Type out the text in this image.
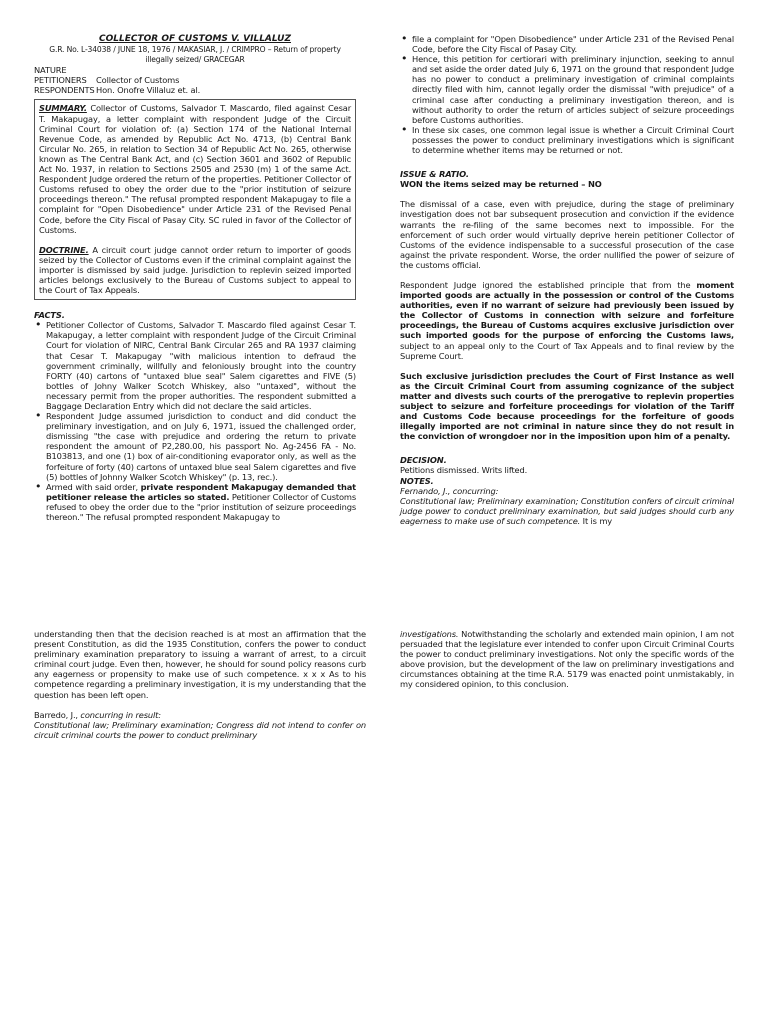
COLLECTOR OF CUSTOMS V. VILLALUZ
G.R. No. L-34038 / JUNE 18, 1976 / MAKASIAR, J. / CRIMPRO – Return of property
illegally seized/ GRACEGAR
NATURE
PETITIONERS	Collector of Customs
RESPONDENTS Hon. Onofre Villaluz et. al.

SUMMARY. Collector of Customs, Salvador T. Mascardo, filed against Cesar T. Makapugay, a letter complaint with respondent Judge of the Circuit Criminal Court for violation of: (a) Section 174 of the National Internal Revenue Code, as amended by Republic Act No. 4713, (b) Central Bank Circular No. 265, in relation to Section 34 of Republic Act No. 265, otherwise known as The Central Bank Act, and (c) Section 3601 and 3602 of Republic Act No. 1937, in relation to Sections 2505 and 2530 (m) 1 of the same Act. Respondent Judge ordered the return of the properties. Petitioner Collector of Customs refused to obey the order due to the "prior institution of seizure proceedings thereon." The refusal prompted respondent Makapugay to file a complaint for "Open Disobedience" under Article 231 of the Revised Penal Code, before the City Fiscal of Pasay City. SC ruled in favor of the Collector of Customs.

DOCTRINE. A circuit court judge cannot order return to importer of goods seized by the Collector of Customs even if the criminal complaint against the importer is dismissed by said judge. Jurisdiction to replevin seized imported articles belongs exclusively to the Bureau of Customs subject to appeal to the Court of Tax Appeals.

FACTS.
• Petitioner Collector of Customs, Salvador T. Mascardo filed against Cesar T. Makapugay, a letter complaint with respondent Judge of the Circuit Criminal Court for violation of NIRC, Central Bank Circular 265 and RA 1937 claiming that Cesar T. Makapugay "with malicious intention to defraud the government criminally, willfully and feloniously brought into the country FORTY (40) cartons of "untaxed blue seal" Salem cigarettes and FIVE (5) bottles of Johny Walker Scotch Whiskey, also "untaxed", without the necessary permit from the proper authorities. The respondent submitted a Baggage Declaration Entry which did not declare the said articles.
• Respondent Judge assumed jurisdiction to conduct and did conduct the preliminary investigation, and on July 6, 1971, issued the challenged order, dismissing "the case with prejudice and ordering the return to private respondent the amount of P2,280.00, his passport No. Ag-2456 FA - No. B103813, and one (1) box of air-conditioning evaporator only, as well as the forfeiture of forty (40) cartons of untaxed blue seal Salem cigarettes and five (5) bottles of Johnny Walker Scotch Whiskey" (p. 13, rec.).
• Armed with said order, private respondent Makapugay demanded that petitioner release the articles so stated. Petitioner Collector of Customs refused to obey the order due to the "prior institution of seizure proceedings thereon." The refusal prompted respondent Makapugay to
• file a complaint for "Open Disobedience" under Article 231 of the Revised Penal Code, before the City Fiscal of Pasay City.
• Hence, this petition for certiorari with preliminary injunction, seeking to annul and set aside the order dated July 6, 1971 on the ground that respondent Judge has no power to conduct a preliminary investigation of criminal complaints directly filed with him, cannot legally order the dismissal "with prejudice" of a criminal case after conducting a preliminary investigation thereon, and is without authority to order the return of articles subject of seizure proceedings before Customs authorities.
• In these six cases, one common legal issue is whether a Circuit Criminal Court possesses the power to conduct preliminary investigations which is significant to determine whether items may be returned or not.
ISSUE & RATIO.
WON the items seized may be returned – NO

The dismissal of a case, even with prejudice, during the stage of preliminary investigation does not bar subsequent prosecution and conviction if the evidence warrants the re-filing of the same becomes next to impossible. For the enforcement of such order would virtually deprive herein petitioner Collector of Customs of the evidence indispensable to a successful prosecution of the case against the private respondent. Worse, the order nullified the power of seizure of the customs official.

Respondent Judge ignored the established principle that from the moment imported goods are actually in the possession or control of the Customs authorities, even if no warrant of seizure had previously been issued by the Collector of Customs in connection with seizure and forfeiture proceedings, the Bureau of Customs acquires exclusive jurisdiction over such imported goods for the purpose of enforcing the Customs laws, subject to an appeal only to the Court of Tax Appeals and to final review by the Supreme Court.

Such exclusive jurisdiction precludes the Court of First Instance as well as the Circuit Criminal Court from assuming cognizance of the subject matter and divests such courts of the prerogative to replevin properties subject to seizure and forfeiture proceedings for violation of the Tariff and Customs Code because proceedings for the forfeiture of goods illegally imported are not criminal in nature since they do not result in the conviction of wrongdoer nor in the imposition upon him of a penalty.

DECISION.
Petitions dismissed. Writs lifted.
NOTES.
Fernando, J., concurring:

Constitutional law; Preliminary examination; Constitution confers of circuit criminal judge power to conduct preliminary examination, but said judges should curb any eagerness to make use of such competence. It is my

understanding then that the decision reached is at most an affirmation that the present Constitution, as did the 1935 Constitution, confers the power to conduct preliminary examination preparatory to issuing a warrant of arrest, to a circuit criminal court judge. Even then, however, he should for sound policy reasons curb any eagerness or propensity to make use of such competence. x x x As to his competence regarding a preliminary investigation, it is my understanding that the question has been left open.

Barredo, J., concurring in result:

Constitutional law; Preliminary examination; Congress did not intend to confer on circuit criminal courts the power to conduct preliminary

investigations. Notwithstanding the scholarly and extended main opinion, I am not persuaded that the legislature ever intended to confer upon Circuit Criminal Courts the power to conduct preliminary investigations. Not only the specific words of the above provision, but the development of the law on preliminary investigations and circumstances obtaining at the time R.A. 5179 was enacted point unmistakably, in my considered opinion, to this conclusion.
